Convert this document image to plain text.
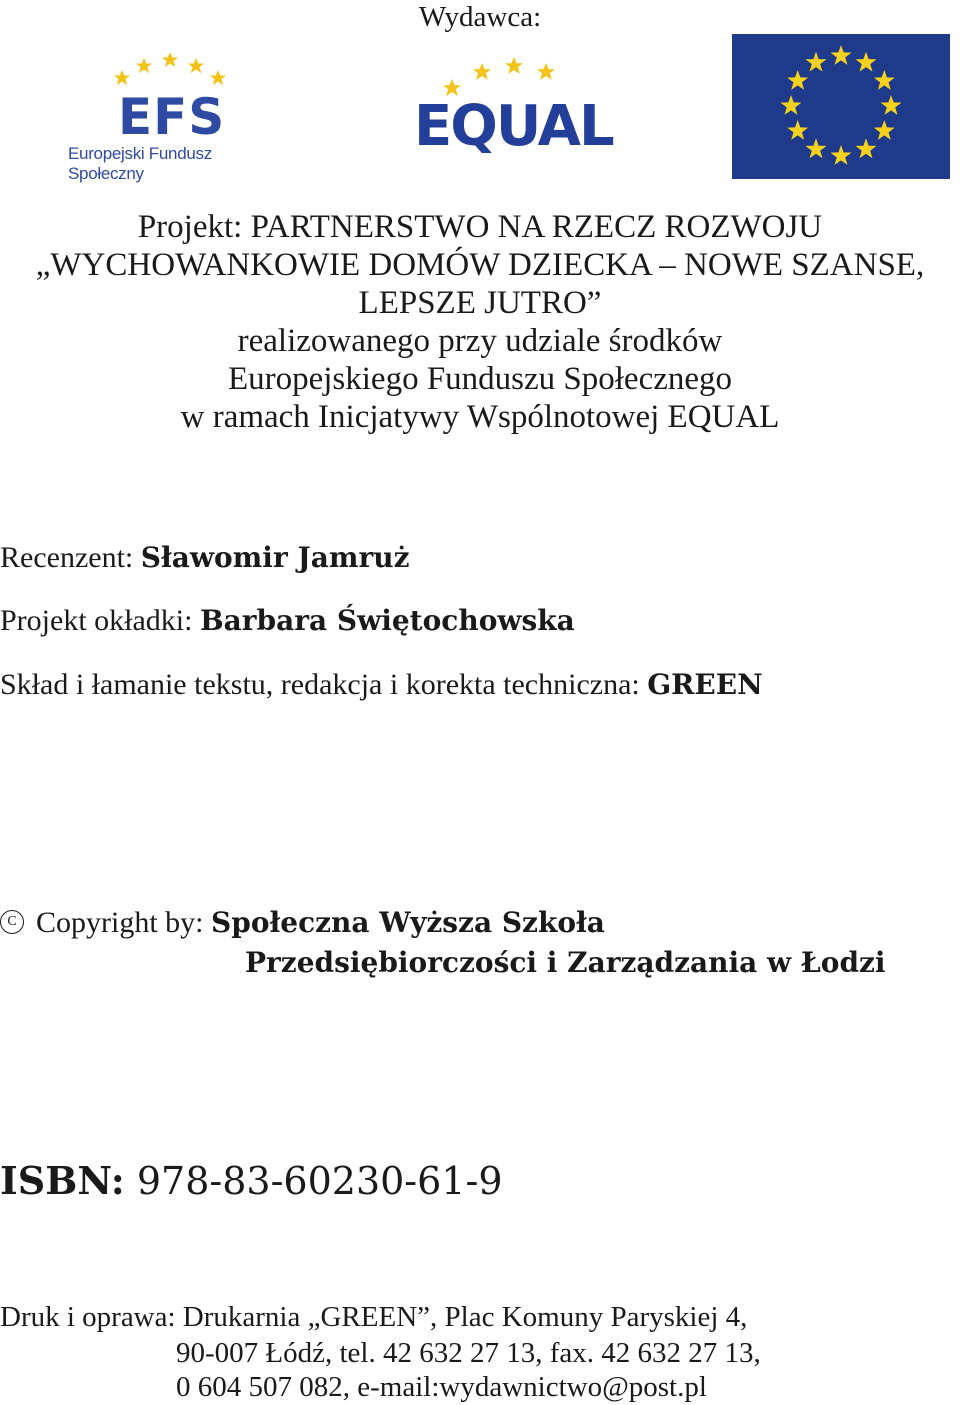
Wydawca:
EFS
Europejski Fundusz Społeczny
EQUAL
Projekt: PARTNERSTWO NA RZECZ ROZWOJU
„WYCHOWANKOWIE DOMÓW DZIECKA – NOWE SZANSE,
LEPSZE JUTRO”
realizowanego przy udziale środków
Europejskiego Funduszu Społecznego
w ramach Inicjatywy Wspólnotowej EQUAL
Recenzent: Sławomir Jamruż
Projekt okładki: Barbara Świętochowska
Skład i łamanie tekstu, redakcja i korekta techniczna: GREEN
C Copyright by: Społeczna Wyższa Szkoła
Przedsiębiorczości i Zarządzania w Łodzi
ISBN: 978-83-60230-61-9
Druk i oprawa: Drukarnia „GREEN”, Plac Komuny Paryskiej 4,
90-007 Łódź, tel. 42 632 27 13, fax. 42 632 27 13,
0 604 507 082, e-mail:wydawnictwo@post.pl
